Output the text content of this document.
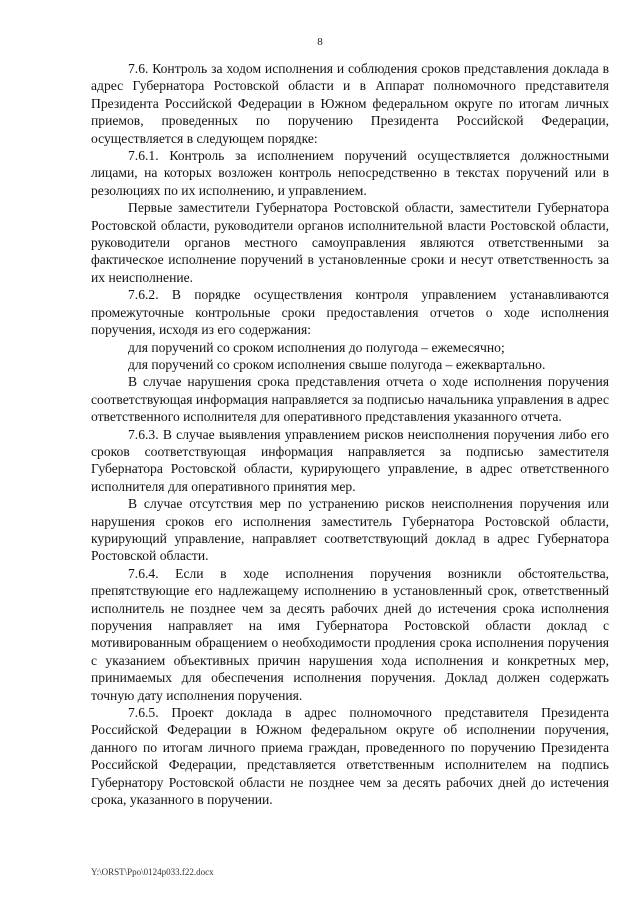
8

7.6. Контроль за ходом исполнения и соблюдения сроков представления доклада в адрес Губернатора Ростовской области и в Аппарат полномочного представителя Президента Российской Федерации в Южном федеральном округе по итогам личных приемов, проведенных по поручению Президента Российской Федерации, осуществляется в следующем порядке:

7.6.1. Контроль за исполнением поручений осуществляется должностными лицами, на которых возложен контроль непосредственно в текстах поручений или в резолюциях по их исполнению, и управлением.

Первые заместители Губернатора Ростовской области, заместители Губернатора Ростовской области, руководители органов исполнительной власти Ростовской области, руководители органов местного самоуправления являются ответственными за фактическое исполнение поручений в установленные сроки и несут ответственность за их неисполнение.

7.6.2. В порядке осуществления контроля управлением устанавливаются промежуточные контрольные сроки предоставления отчетов о ходе исполнения поручения, исходя из его содержания:

для поручений со сроком исполнения до полугода – ежемесячно;

для поручений со сроком исполнения свыше полугода – ежеквартально.

В случае нарушения срока представления отчета о ходе исполнения поручения соответствующая информация направляется за подписью начальника управления в адрес ответственного исполнителя для оперативного представления указанного отчета.

7.6.3. В случае выявления управлением рисков неисполнения поручения либо его сроков соответствующая информация направляется за подписью заместителя Губернатора Ростовской области, курирующего управление, в адрес ответственного исполнителя для оперативного принятия мер.

В случае отсутствия мер по устранению рисков неисполнения поручения или нарушения сроков его исполнения заместитель Губернатора Ростовской области, курирующий управление, направляет соответствующий доклад в адрес Губернатора Ростовской области.

7.6.4. Если в ходе исполнения поручения возникли обстоятельства, препятствующие его надлежащему исполнению в установленный срок, ответственный исполнитель не позднее чем за десять рабочих дней до истечения срока исполнения поручения направляет на имя Губернатора Ростовской области доклад с мотивированным обращением о необходимости продления срока исполнения поручения с указанием объективных причин нарушения хода исполнения и конкретных мер, принимаемых для обеспечения исполнения поручения. Доклад должен содержать точную дату исполнения поручения.

7.6.5. Проект доклада в адрес полномочного представителя Президента Российской Федерации в Южном федеральном округе об исполнении поручения, данного по итогам личного приема граждан, проведенного по поручению Президента Российской Федерации, представляется ответственным исполнителем на подпись Губернатору Ростовской области не позднее чем за десять рабочих дней до истечения срока, указанного в поручении.

Y:\ORST\Ppo\0124p033.f22.docx
